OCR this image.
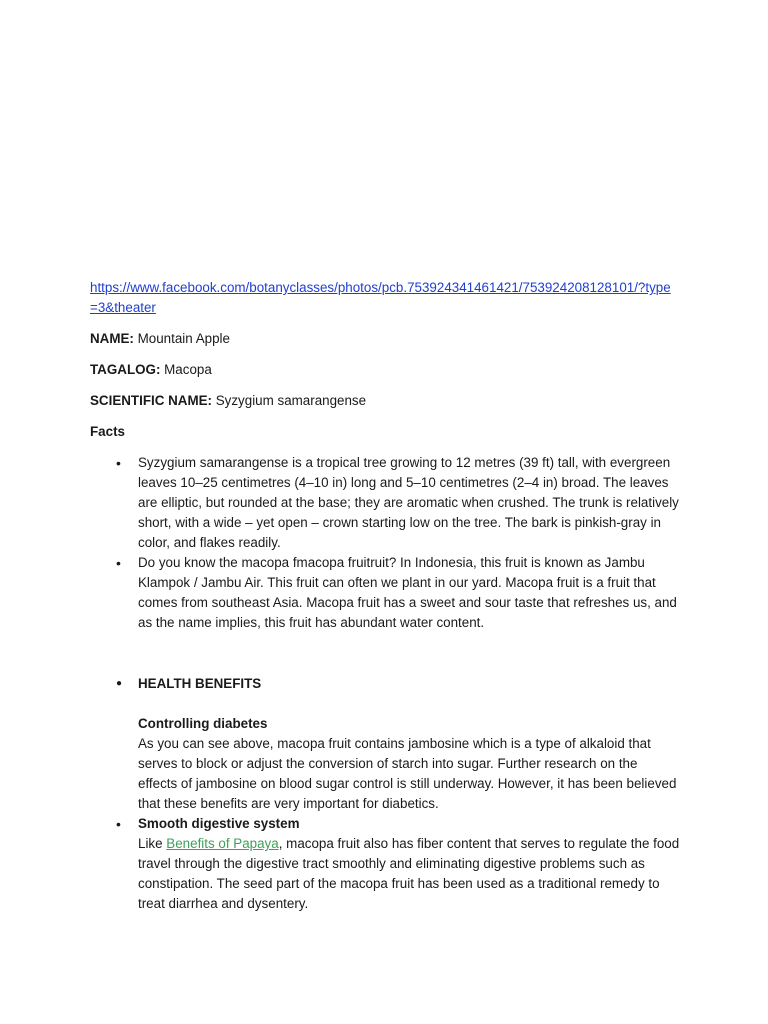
https://www.facebook.com/botanyclasses/photos/pcb.753924341461421/753924208128101/?type=3&theater
NAME: Mountain Apple
TAGALOG: Macopa
SCIENTIFIC NAME: Syzygium samarangense
Facts
• Syzygium samarangense is a tropical tree growing to 12 metres (39 ft) tall, with evergreen leaves 10–25 centimetres (4–10 in) long and 5–10 centimetres (2–4 in) broad. The leaves are elliptic, but rounded at the base; they are aromatic when crushed. The trunk is relatively short, with a wide – yet open – crown starting low on the tree. The bark is pinkish-gray in color, and flakes readily.
• Do you know the macopa fmacopa fruitruit? In Indonesia, this fruit is known as Jambu Klampok / Jambu Air. This fruit can often we plant in our yard. Macopa fruit is a fruit that comes from southeast Asia. Macopa fruit has a sweet and sour taste that refreshes us, and as the name implies, this fruit has abundant water content.
● HEALTH BENEFITS
Controlling diabetes
As you can see above, macopa fruit contains jambosine which is a type of alkaloid that serves to block or adjust the conversion of starch into sugar. Further research on the effects of jambosine on blood sugar control is still underway. However, it has been believed that these benefits are very important for diabetics.
• Smooth digestive system
Like Benefits of Papaya, macopa fruit also has fiber content that serves to regulate the food travel through the digestive tract smoothly and eliminating digestive problems such as constipation. The seed part of the macopa fruit has been used as a traditional remedy to treat diarrhea and dysentery.
